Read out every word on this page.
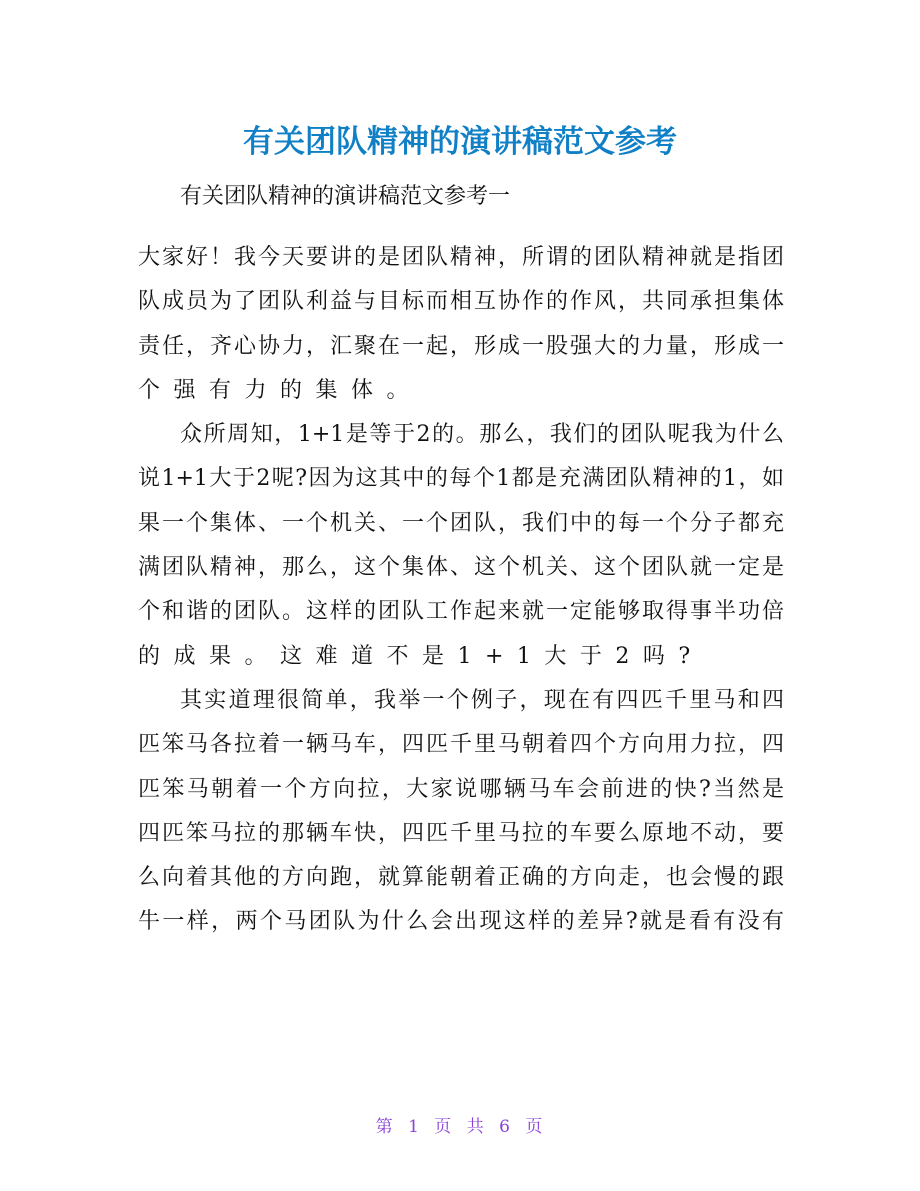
有关团队精神的演讲稿范文参考
有关团队精神的演讲稿范文参考一
大家好！我今天要讲的是团队精神，所谓的团队精神就是指团
队成员为了团队利益与目标而相互协作的作风，共同承担集体
责任，齐心协力，汇聚在一起，形成一股强大的力量，形成一
个强有力的集体。
众所周知，1+1是等于2的。那么，我们的团队呢我为什么
说1+1大于2呢?因为这其中的每个1都是充满团队精神的1，如
果一个集体、一个机关、一个团队，我们中的每一个分子都充
满团队精神，那么，这个集体、这个机关、这个团队就一定是
个和谐的团队。这样的团队工作起来就一定能够取得事半功倍
的成果。这难道不是1+1大于2吗?
其实道理很简单，我举一个例子，现在有四匹千里马和四
匹笨马各拉着一辆马车，四匹千里马朝着四个方向用力拉，四
匹笨马朝着一个方向拉，大家说哪辆马车会前进的快?当然是
四匹笨马拉的那辆车快，四匹千里马拉的车要么原地不动，要
么向着其他的方向跑，就算能朝着正确的方向走，也会慢的跟
牛一样，两个马团队为什么会出现这样的差异?就是看有没有
第 1 页 共 6 页
